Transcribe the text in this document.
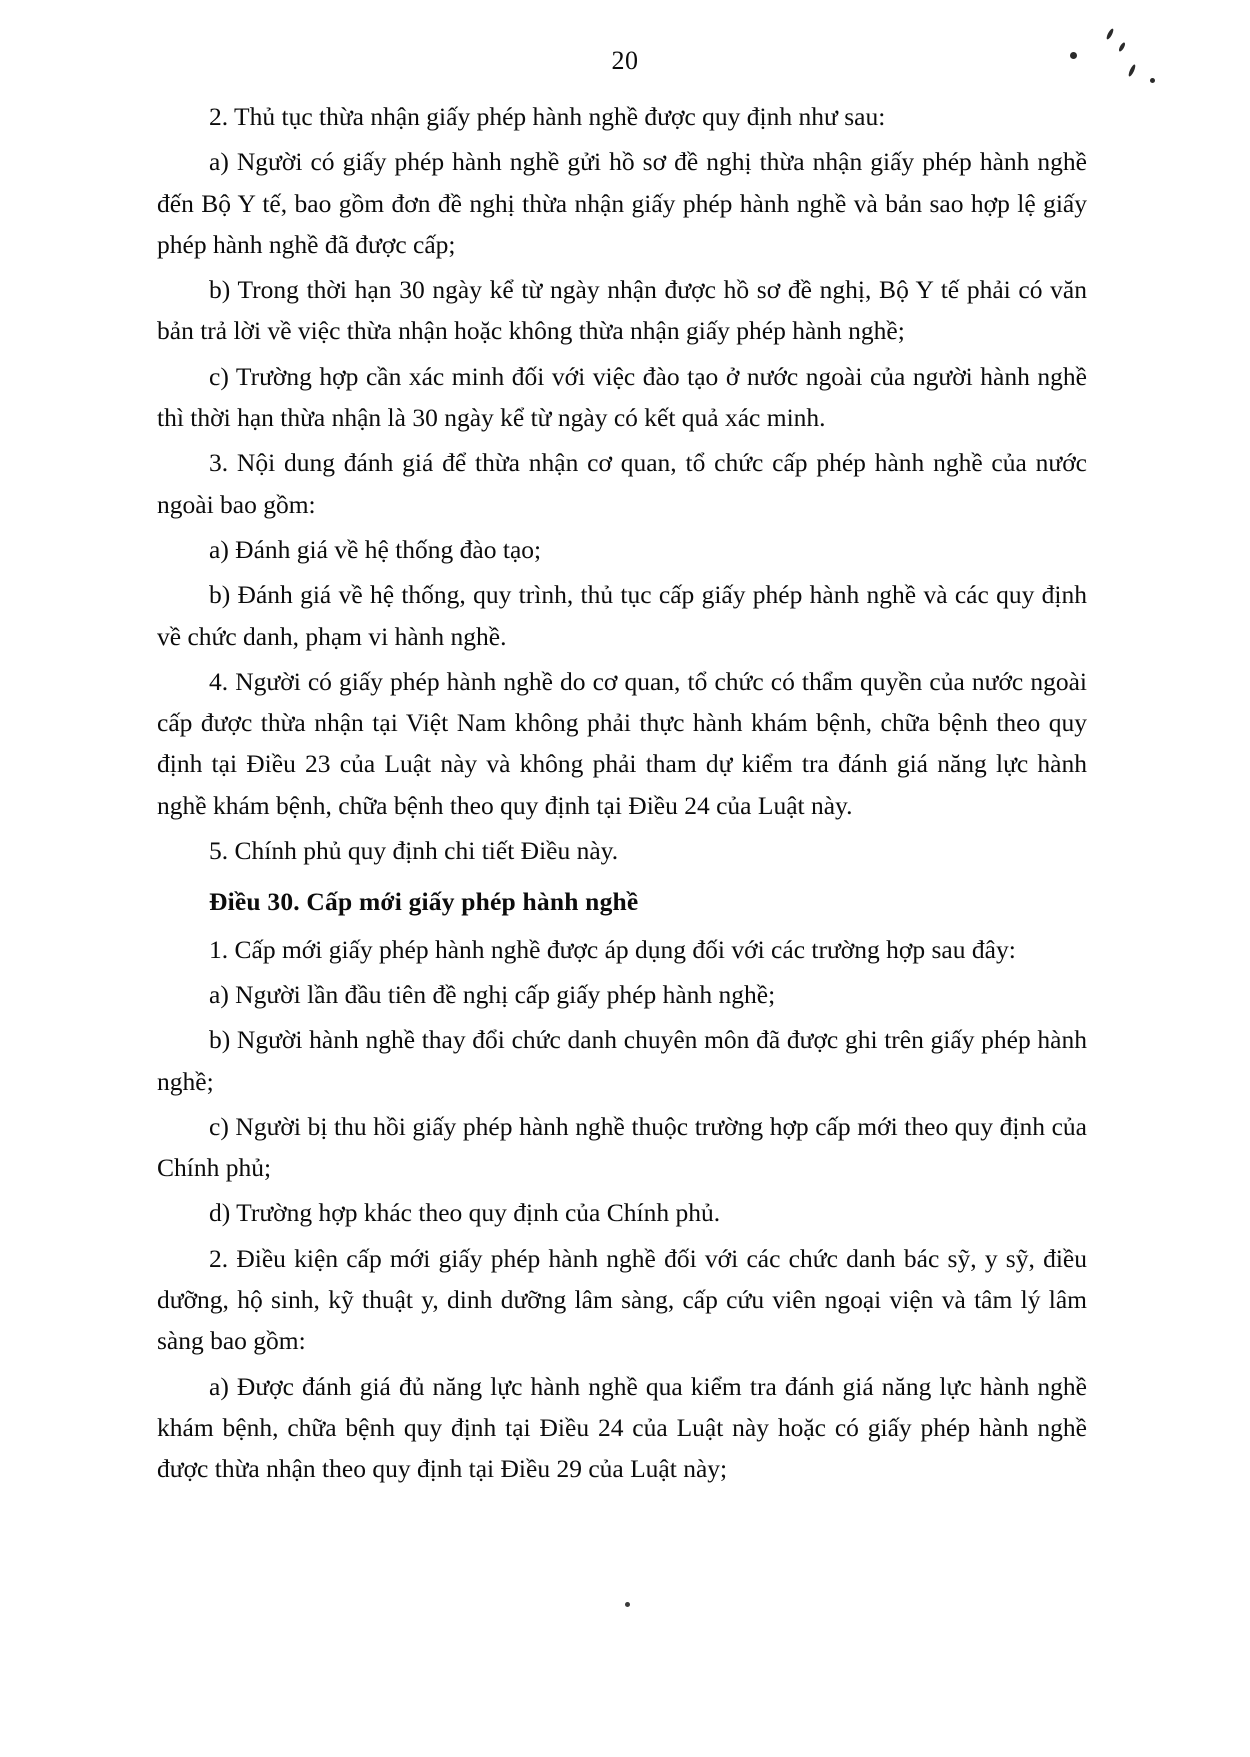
20

2. Thủ tục thừa nhận giấy phép hành nghề được quy định như sau:

a) Người có giấy phép hành nghề gửi hồ sơ đề nghị thừa nhận giấy phép hành nghề đến Bộ Y tế, bao gồm đơn đề nghị thừa nhận giấy phép hành nghề và bản sao hợp lệ giấy phép hành nghề đã được cấp;

b) Trong thời hạn 30 ngày kể từ ngày nhận được hồ sơ đề nghị, Bộ Y tế phải có văn bản trả lời về việc thừa nhận hoặc không thừa nhận giấy phép hành nghề;

c) Trường hợp cần xác minh đối với việc đào tạo ở nước ngoài của người hành nghề thì thời hạn thừa nhận là 30 ngày kể từ ngày có kết quả xác minh.

3. Nội dung đánh giá để thừa nhận cơ quan, tổ chức cấp phép hành nghề của nước ngoài bao gồm:

a) Đánh giá về hệ thống đào tạo;

b) Đánh giá về hệ thống, quy trình, thủ tục cấp giấy phép hành nghề và các quy định về chức danh, phạm vi hành nghề.

4. Người có giấy phép hành nghề do cơ quan, tổ chức có thẩm quyền của nước ngoài cấp được thừa nhận tại Việt Nam không phải thực hành khám bệnh, chữa bệnh theo quy định tại Điều 23 của Luật này và không phải tham dự kiểm tra đánh giá năng lực hành nghề khám bệnh, chữa bệnh theo quy định tại Điều 24 của Luật này.

5. Chính phủ quy định chi tiết Điều này.

Điều 30. Cấp mới giấy phép hành nghề

1. Cấp mới giấy phép hành nghề được áp dụng đối với các trường hợp sau đây:

a) Người lần đầu tiên đề nghị cấp giấy phép hành nghề;

b) Người hành nghề thay đổi chức danh chuyên môn đã được ghi trên giấy phép hành nghề;

c) Người bị thu hồi giấy phép hành nghề thuộc trường hợp cấp mới theo quy định của Chính phủ;

d) Trường hợp khác theo quy định của Chính phủ.

2. Điều kiện cấp mới giấy phép hành nghề đối với các chức danh bác sỹ, y sỹ, điều dưỡng, hộ sinh, kỹ thuật y, dinh dưỡng lâm sàng, cấp cứu viên ngoại viện và tâm lý lâm sàng bao gồm:

a) Được đánh giá đủ năng lực hành nghề qua kiểm tra đánh giá năng lực hành nghề khám bệnh, chữa bệnh quy định tại Điều 24 của Luật này hoặc có giấy phép hành nghề được thừa nhận theo quy định tại Điều 29 của Luật này;
